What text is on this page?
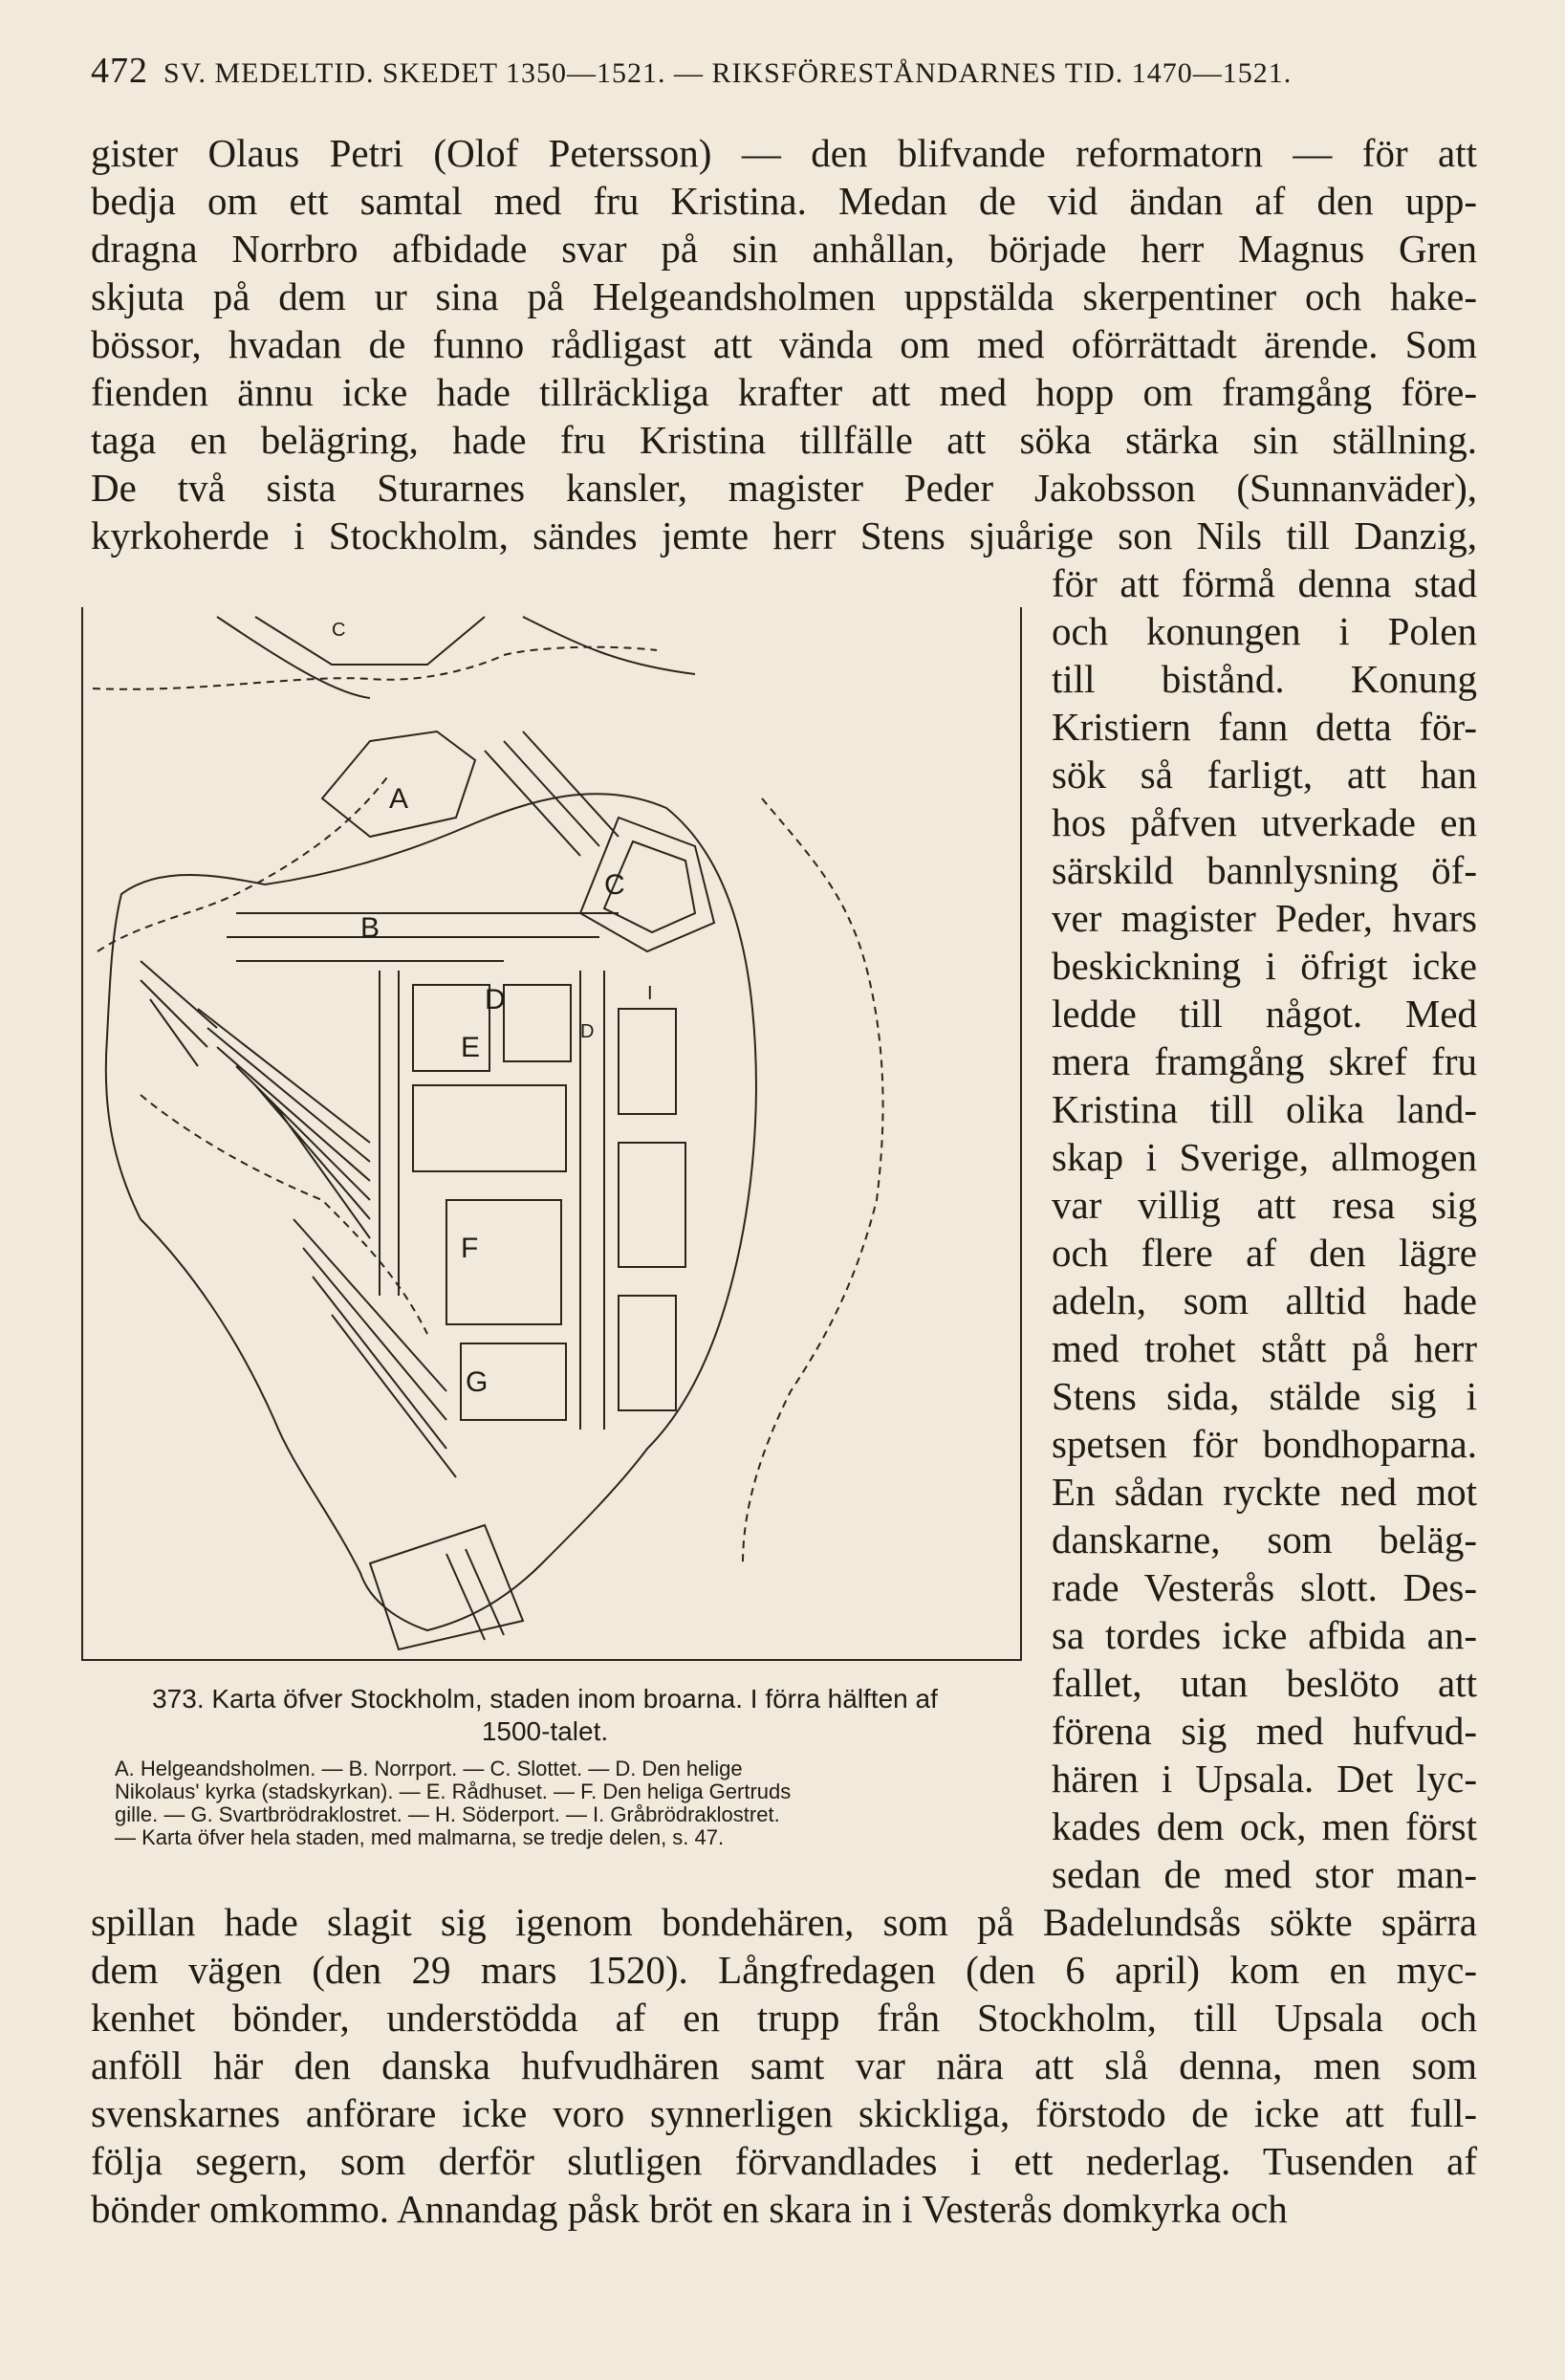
472 SV. MEDELTID. SKEDET 1350—1521. — RIKSFÖRESTÅNDARNES TID. 1470—1521.
gister Olaus Petri (Olof Petersson) — den blifvande reformatorn — för att
bedja om ett samtal med fru Kristina. Medan de vid ändan af den upp-
dragna Norrbro afbidade svar på sin anhållan, började herr Magnus Gren
skjuta på dem ur sina på Helgeandsholmen uppstälda skerpentiner och hake-
bössor, hvadan de funno rådligast att vända om med oförrättadt ärende. Som
fienden ännu icke hade tillräckliga krafter att med hopp om framgång före-
taga en belägring, hade fru Kristina tillfälle att söka stärka sin ställning.
De två sista Sturarnes kansler, magister Peder Jakobsson (Sunnanväder),
kyrkoherde i Stockholm, sändes jemte herr Stens sjuårige son Nils till Danzig,
för att förmå denna stad
och konungen i Polen
till bistånd. Konung
Kristiern fann detta för-
sök så farligt, att han
hos påfven utverkade en
särskild bannlysning öf-
ver magister Peder, hvars
beskickning i öfrigt icke
ledde till något. Med
mera framgång skref fru
Kristina till olika land-
skap i Sverige, allmogen
var villig att resa sig
och flere af den lägre
adeln, som alltid hade
med trohet stått på herr
Stens sida, stälde sig i
spetsen för bondhoparna.
En sådan ryckte ned mot
danskarne, som beläg-
rade Vesterås slott. Des-
sa tordes icke afbida an-
fallet, utan beslöto att
förena sig med hufvud-
hären i Upsala. Det lyc-
kades dem ock, men först
sedan de med stor man-
A
B
C
D
E
F
G
C
D
I
373. Karta öfver Stockholm, staden inom broarna. I förra hälften af 1500-talet.
A. Helgeandsholmen. — B. Norrport. — C. Slottet. — D. Den helige
Nikolaus' kyrka (stadskyrkan). — E. Rådhuset. — F. Den heliga Gertruds
gille. — G. Svartbrödraklostret. — H. Söderport. — I. Gråbrödraklostret.
— Karta öfver hela staden, med malmarna, se tredje delen, s. 47.
spillan hade slagit sig igenom bondehären, som på Badelundsås sökte spärra
dem vägen (den 29 mars 1520). Långfredagen (den 6 april) kom en myc-
kenhet bönder, understödda af en trupp från Stockholm, till Upsala och
anföll här den danska hufvudhären samt var nära att slå denna, men som
svenskarnes anförare icke voro synnerligen skickliga, förstodo de icke att full-
följa segern, som derför slutligen förvandlades i ett nederlag. Tusenden af
bönder omkommo. Annandag påsk bröt en skara in i Vesterås domkyrka och
